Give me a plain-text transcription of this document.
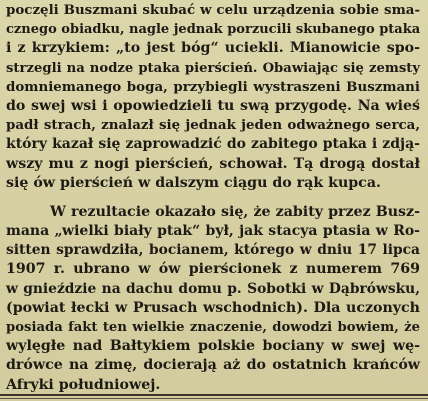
poczęli Buszmani skubać w celu urządzenia sobie sma-
cznego obiadku, nagle jednak porzucili skubanego ptaka
i z krzykiem: „to jest bóg“ uciekli. Mianowicie spo-
strzegli na nodze ptaka pierścień. Obawiając się zemsty
domniemanego boga, przybiegli wystraszeni Buszmani
do swej wsi i opowiedzieli tu swą przygodę. Na wieś
padł strach, znalazł się jednak jeden odważnego serca,
który kazał się zaprowadzić do zabitego ptaka i zdją-
wszy mu z nogi pierścień, schował. Tą drogą dostał
się ów pierścień w dalszym ciągu do rąk kupca.
W rezultacie okazało się, że zabity przez Busz-
mana „wielki biały ptak“ był, jak stacya ptasia w Ro-
sitten sprawdziła, bocianem, którego w dniu 17 lipca
1907 r. ubrano w ów pierścionek z numerem 769
w gnieździe na dachu domu p. Sobotki w Dąbrówsku,
(powiat łecki w Prusach wschodnich). Dla uczonych
posiada fakt ten wielkie znaczenie, dowodzi bowiem, że
wylęgłe nad Bałtykiem polskie bociany w swej wę-
drówce na zimę, docierają aż do ostatnich krańców
Afryki południowej.
